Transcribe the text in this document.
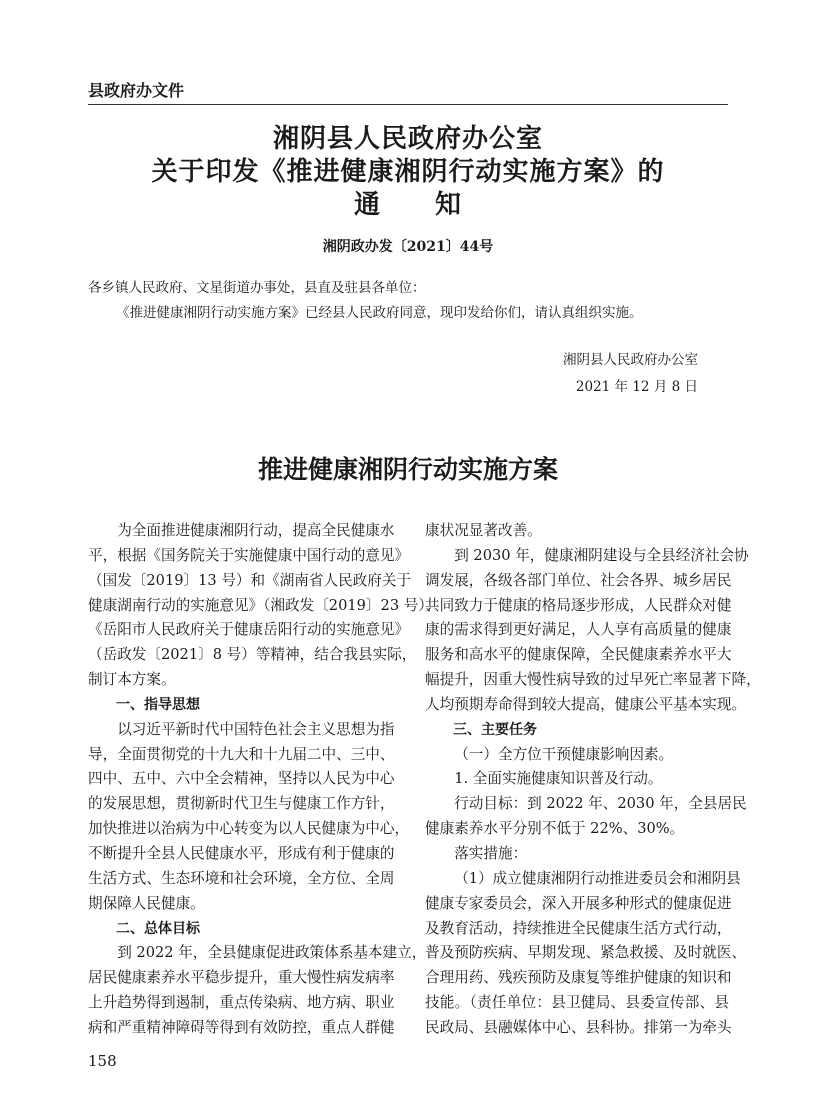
县政府办文件
湘阴县人民政府办公室
关于印发《推进健康湘阴行动实施方案》的
通　　知
湘阴政办发〔2021〕44号
各乡镇人民政府、文星街道办事处，县直及驻县各单位：
《推进健康湘阴行动实施方案》已经县人民政府同意，现印发给你们，请认真组织实施。
湘阴县人民政府办公室
2021 年 12 月 8 日
推进健康湘阴行动实施方案
为全面推进健康湘阴行动，提高全民健康水
平，根据《国务院关于实施健康中国行动的意见》
（国发〔2019〕13 号）和《湖南省人民政府关于
健康湖南行动的实施意见》（湘政发〔2019〕23 号）、
《岳阳市人民政府关于健康岳阳行动的实施意见》
（岳政发〔2021〕8 号）等精神，结合我县实际，
制订本方案。
一、指导思想
以习近平新时代中国特色社会主义思想为指
导，全面贯彻党的十九大和十九届二中、三中、
四中、五中、六中全会精神，坚持以人民为中心
的发展思想，贯彻新时代卫生与健康工作方针，
加快推进以治病为中心转变为以人民健康为中心，
不断提升全县人民健康水平，形成有利于健康的
生活方式、生态环境和社会环境，全方位、全周
期保障人民健康。
二、总体目标
到 2022 年，全县健康促进政策体系基本建立，
居民健康素养水平稳步提升，重大慢性病发病率
上升趋势得到遏制，重点传染病、地方病、职业
病和严重精神障碍等得到有效防控，重点人群健
康状况显著改善。
到 2030 年，健康湘阴建设与全县经济社会协
调发展，各级各部门单位、社会各界、城乡居民
共同致力于健康的格局逐步形成，人民群众对健
康的需求得到更好满足，人人享有高质量的健康
服务和高水平的健康保障，全民健康素养水平大
幅提升，因重大慢性病导致的过早死亡率显著下降，
人均预期寿命得到较大提高，健康公平基本实现。
三、主要任务
（一）全方位干预健康影响因素。
1. 全面实施健康知识普及行动。
行动目标：到 2022 年、2030 年，全县居民
健康素养水平分别不低于 22%、30%。
落实措施：
（1）成立健康湘阴行动推进委员会和湘阴县
健康专家委员会，深入开展多种形式的健康促进
及教育活动，持续推进全民健康生活方式行动，
普及预防疾病、早期发现、紧急救援、及时就医、
合理用药、残疾预防及康复等维护健康的知识和
技能。（责任单位：县卫健局、县委宣传部、县
民政局、县融媒体中心、县科协。排第一为牵头
158
